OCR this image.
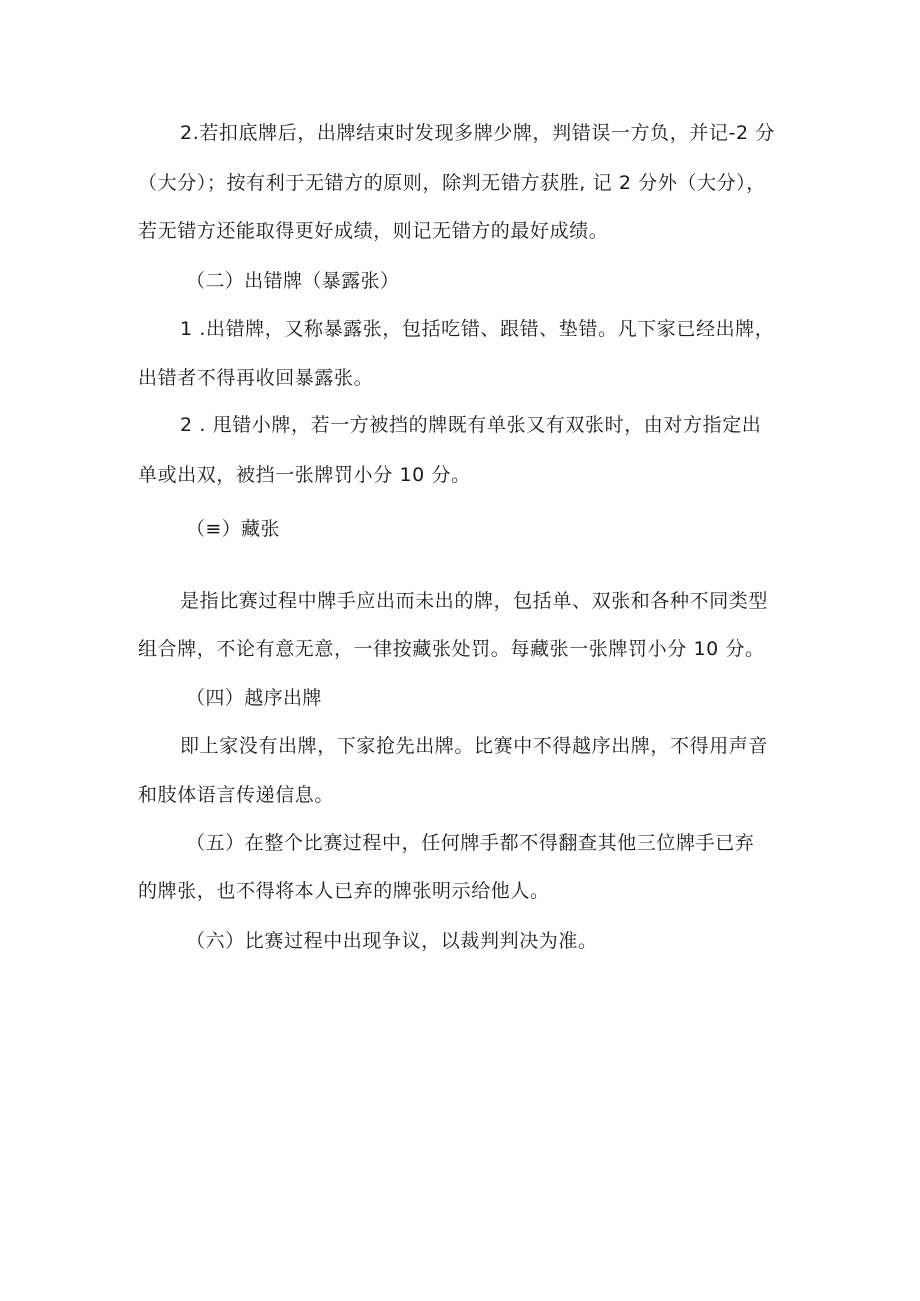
2.若扣底牌后，出牌结束时发现多牌少牌，判错误一方负，并记-2 分
（大分）；按有利于无错方的原则，除判无错方获胜, 记 2 分外（大分），
若无错方还能取得更好成绩，则记无错方的最好成绩。
（二）出错牌（暴露张）
1 .出错牌，又称暴露张，包括吃错、跟错、垫错。凡下家已经出牌，
出错者不得再收回暴露张。
2 . 甩错小牌，若一方被挡的牌既有单张又有双张时，由对方指定出
单或出双，被挡一张牌罚小分 10 分。
（≡）藏张
是指比赛过程中牌手应出而未出的牌，包括单、双张和各种不同类型
组合牌，不论有意无意，一律按藏张处罚。每藏张一张牌罚小分 10 分。
（四）越序出牌
即上家没有出牌，下家抢先出牌。比赛中不得越序出牌，不得用声音
和肢体语言传递信息。
（五）在整个比赛过程中，任何牌手都不得翻查其他三位牌手已弃
的牌张，也不得将本人已弃的牌张明示给他人。
（六）比赛过程中出现争议，以裁判判决为准。
